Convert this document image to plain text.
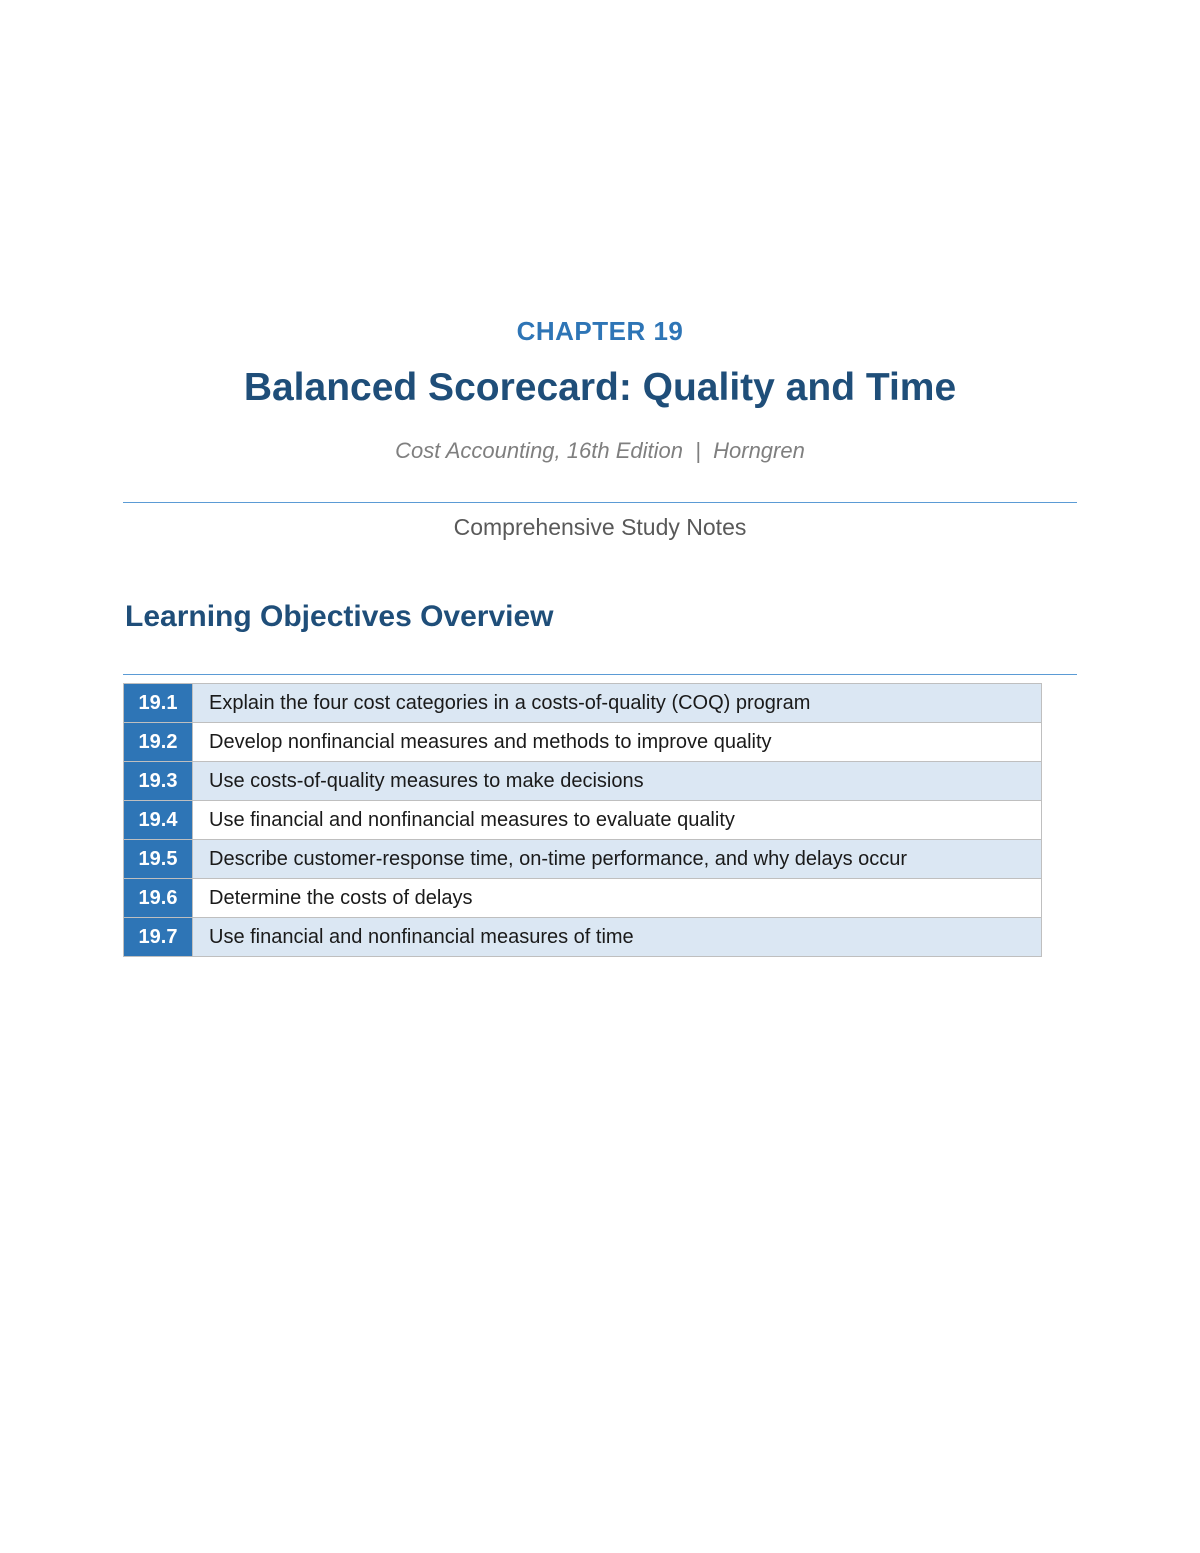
CHAPTER 19
Balanced Scorecard: Quality and Time
Cost Accounting, 16th Edition  |  Horngren
Comprehensive Study Notes
Learning Objectives Overview
19.1	Explain the four cost categories in a costs-of-quality (COQ) program
19.2	Develop nonfinancial measures and methods to improve quality
19.3	Use costs-of-quality measures to make decisions
19.4	Use financial and nonfinancial measures to evaluate quality
19.5	Describe customer-response time, on-time performance, and why delays occur
19.6	Determine the costs of delays
19.7	Use financial and nonfinancial measures of time
